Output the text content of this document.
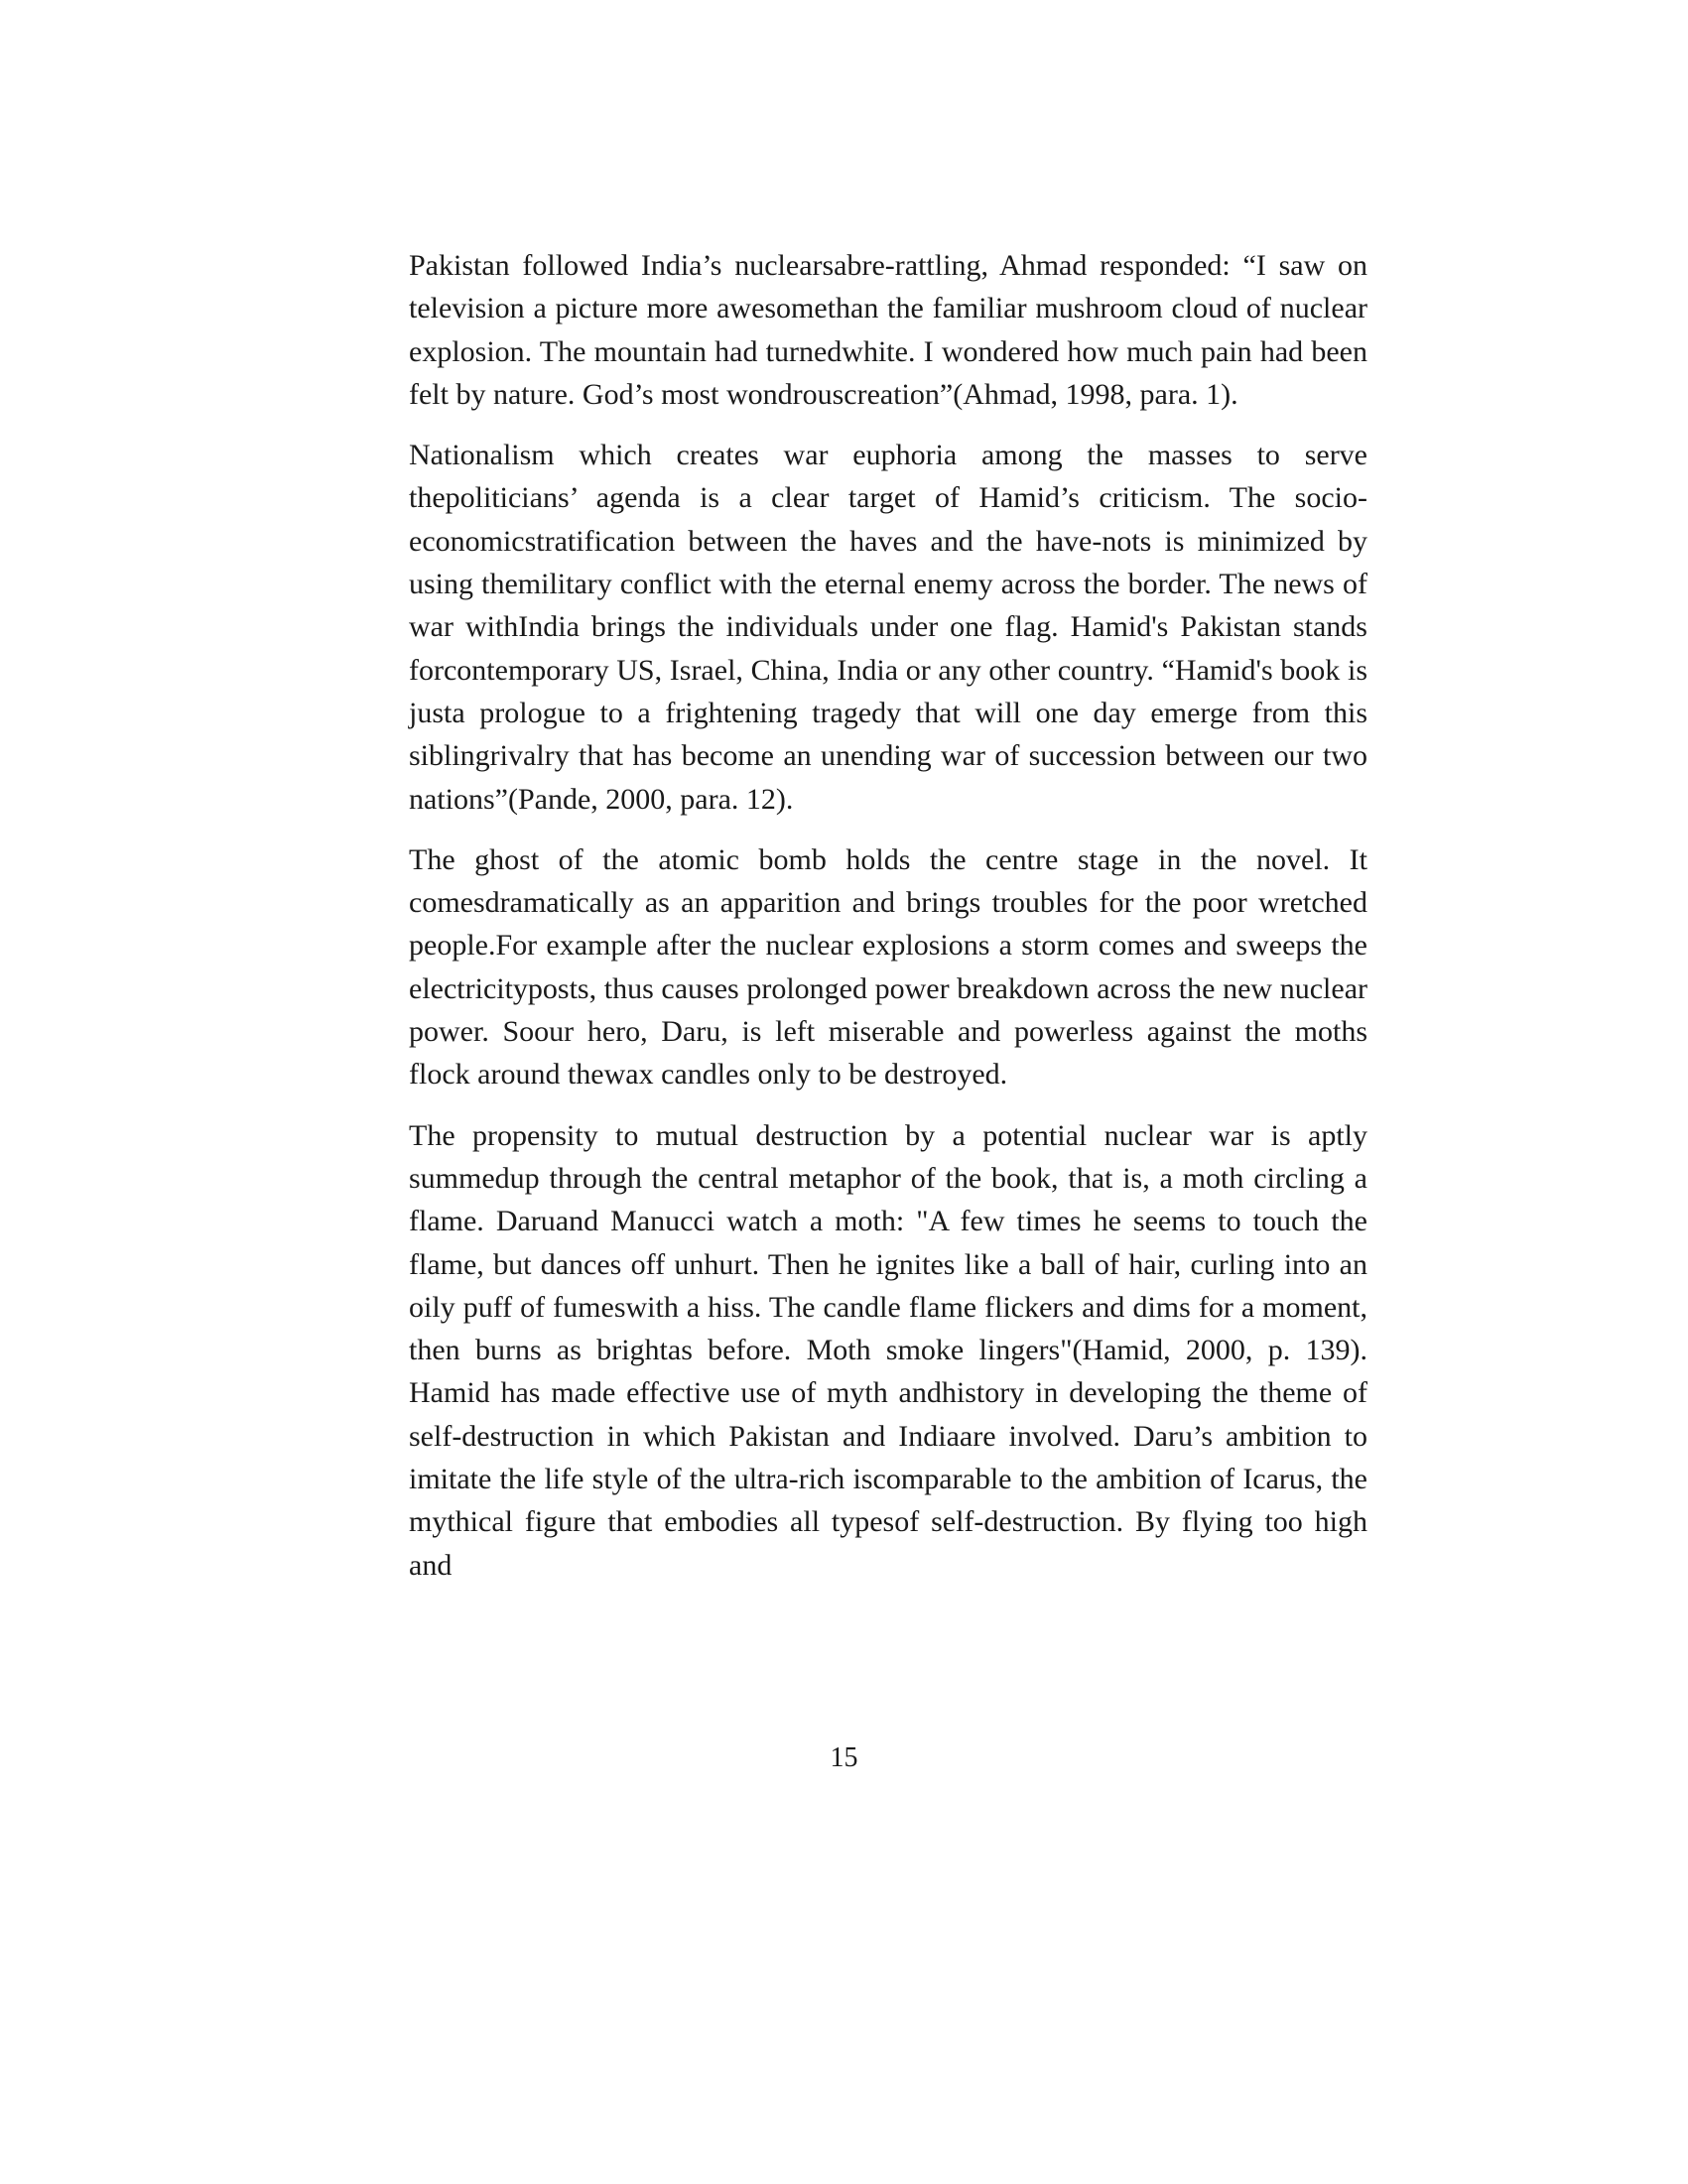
Pakistan followed India’s nuclearsabre-rattling, Ahmad responded: “I saw on television a picture more awesomethan the familiar mushroom cloud of nuclear explosion. The mountain had turnedwhite. I wondered how much pain had been felt by nature. God’s most wondrouscreation”(Ahmad, 1998, para. 1).

Nationalism which creates war euphoria among the masses to serve thepoliticians’ agenda is a clear target of Hamid’s criticism. The socio-economicstratification between the haves and the have-nots is minimized by using themilitary conflict with the eternal enemy across the border. The news of war withIndia brings the individuals under one flag. Hamid's Pakistan stands forcontemporary US, Israel, China, India or any other country. “Hamid's book is justa prologue to a frightening tragedy that will one day emerge from this siblingrivalry that has become an unending war of succession between our two nations”(Pande, 2000, para. 12).

The ghost of the atomic bomb holds the centre stage in the novel. It comesdramatically as an apparition and brings troubles for the poor wretched people.For example after the nuclear explosions a storm comes and sweeps the electricityposts, thus causes prolonged power breakdown across the new nuclear power. Soour hero, Daru, is left miserable and powerless against the moths flock around thewax candles only to be destroyed.

The propensity to mutual destruction by a potential nuclear war is aptly summedup through the central metaphor of the book, that is, a moth circling a flame. Daruand Manucci watch a moth: "A few times he seems to touch the flame, but dances off unhurt. Then he ignites like a ball of hair, curling into an oily puff of fumeswith a hiss. The candle flame flickers and dims for a moment, then burns as brightas before. Moth smoke lingers"(Hamid, 2000, p. 139). Hamid has made effective use of myth andhistory in developing the theme of self-destruction in which Pakistan and Indiaare involved. Daru’s ambition to imitate the life style of the ultra-rich iscomparable to the ambition of Icarus, the mythical figure that embodies all typesof self-destruction. By flying too high and

15
